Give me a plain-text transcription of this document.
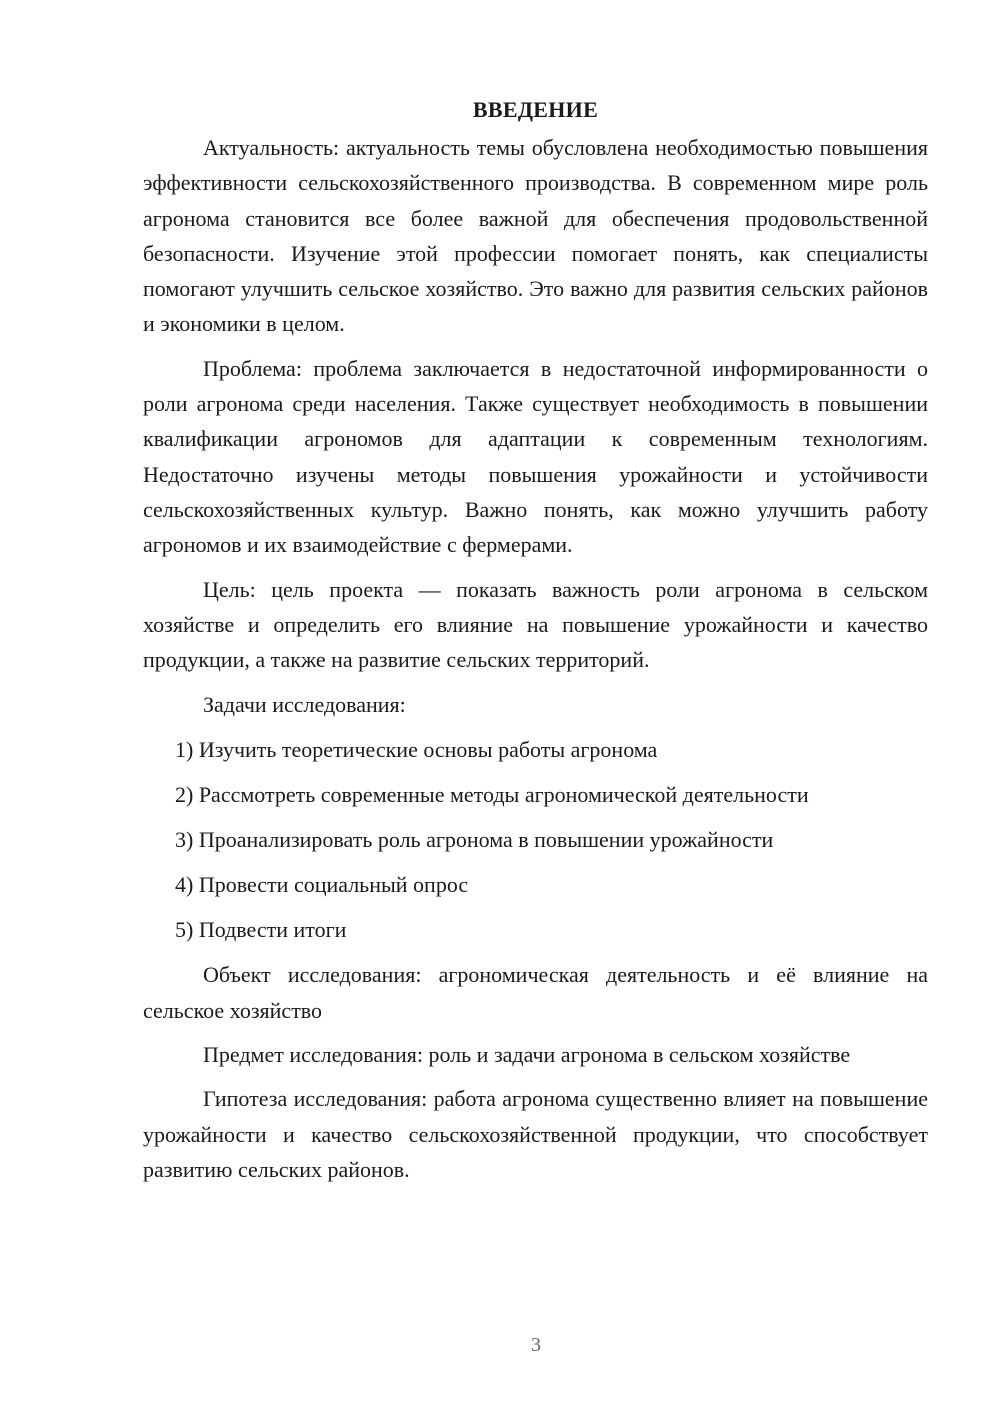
ВВЕДЕНИЕ

Актуальность: актуальность темы обусловлена необходимостью повышения эффективности сельскохозяйственного производства. В современном мире роль агронома становится все более важной для обеспечения продовольственной безопасности. Изучение этой профессии помогает понять, как специалисты помогают улучшить сельское хозяйство. Это важно для развития сельских районов и экономики в целом.

Проблема: проблема заключается в недостаточной информированности о роли агронома среди населения. Также существует необходимость в повышении квалификации агрономов для адаптации к современным технологиям. Недостаточно изучены методы повышения урожайности и устойчивости сельскохозяйственных культур. Важно понять, как можно улучшить работу агрономов и их взаимодействие с фермерами.

Цель: цель проекта — показать важность роли агронома в сельском хозяйстве и определить его влияние на повышение урожайности и качество продукции, а также на развитие сельских территорий.

Задачи исследования:

1) Изучить теоретические основы работы агронома

2) Рассмотреть современные методы агрономической деятельности

3) Проанализировать роль агронома в повышении урожайности

4) Провести социальный опрос

5) Подвести итоги

Объект исследования: агрономическая деятельность и её влияние на сельское хозяйство

Предмет исследования: роль и задачи агронома в сельском хозяйстве

Гипотеза исследования: работа агронома существенно влияет на повышение урожайности и качество сельскохозяйственной продукции, что способствует развитию сельских районов.

3
